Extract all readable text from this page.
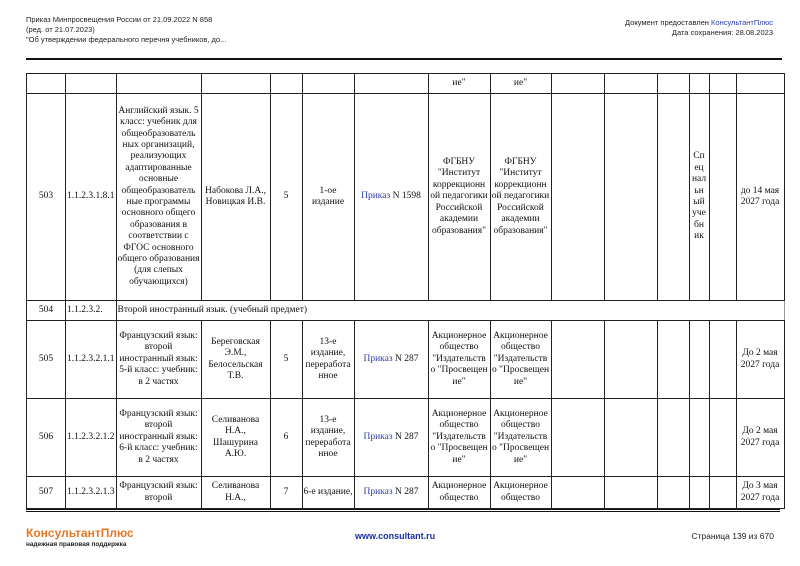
Приказ Минпросвещения России от 21.09.2022 N 858
(ред. от 21.07.2023)
"Об утверждении федерального перечня учебников, до...
Документ предоставлен КонсультантПлюс
Дата сохранения: 28.08.2023
							ие"	ие"						
503	1.1.2.3.1.8.1	Английский язык. 5 класс: учебник для общеобразователь ных организаций, реализующих адаптированные основные общеобразователь ные программы основного общего образования в соответствии с ФГОС основного общего образования (для слепых обучающихся)	Набокова Л.А., Новицкая И.В.	5	1-ое издание	Приказ N 1598	ФГБНУ "Институт коррекционн ой педагогики Российской академии образования"	ФГБНУ "Институт коррекционн ой педагогики Российской академии образования"				Сп ец нал ьн ый уче бн ик		до 14 мая 2027 года
504	1.1.2.3.2.	Второй иностранный язык. (учебный предмет)												
505	1.1.2.3.2.1.1	Французский язык: второй иностранный язык: 5-й класс: учебник: в 2 частях	Береговская Э.М., Белосельская Т.В.	5	13-е издание, переработа нное	Приказ N 287	Акционерное общество "Издательств о "Просвещен ие"	Акционерное общество "Издательств о "Просвещен ие"						До 2 мая 2027 года
506	1.1.2.3.2.1.2	Французский язык: второй иностранный язык: 6-й класс: учебник: в 2 частях	Селиванова Н.А., Шашурина А.Ю.	6	13-е издание, переработа нное	Приказ N 287	Акционерное общество "Издательств о "Просвещен ие"	Акционерное общество "Издательств о "Просвещен ие"						До 2 мая 2027 года
507	1.1.2.3.2.1.3	Французский язык: второй	Селиванова Н.А.,	7	6-е издание,	Приказ N 287	Акционерное общество	Акционерное общество						До 3 мая 2027 года
КонсультантПлюс
надежная правовая поддержка
www.consultant.ru	Страница 139 из 670
